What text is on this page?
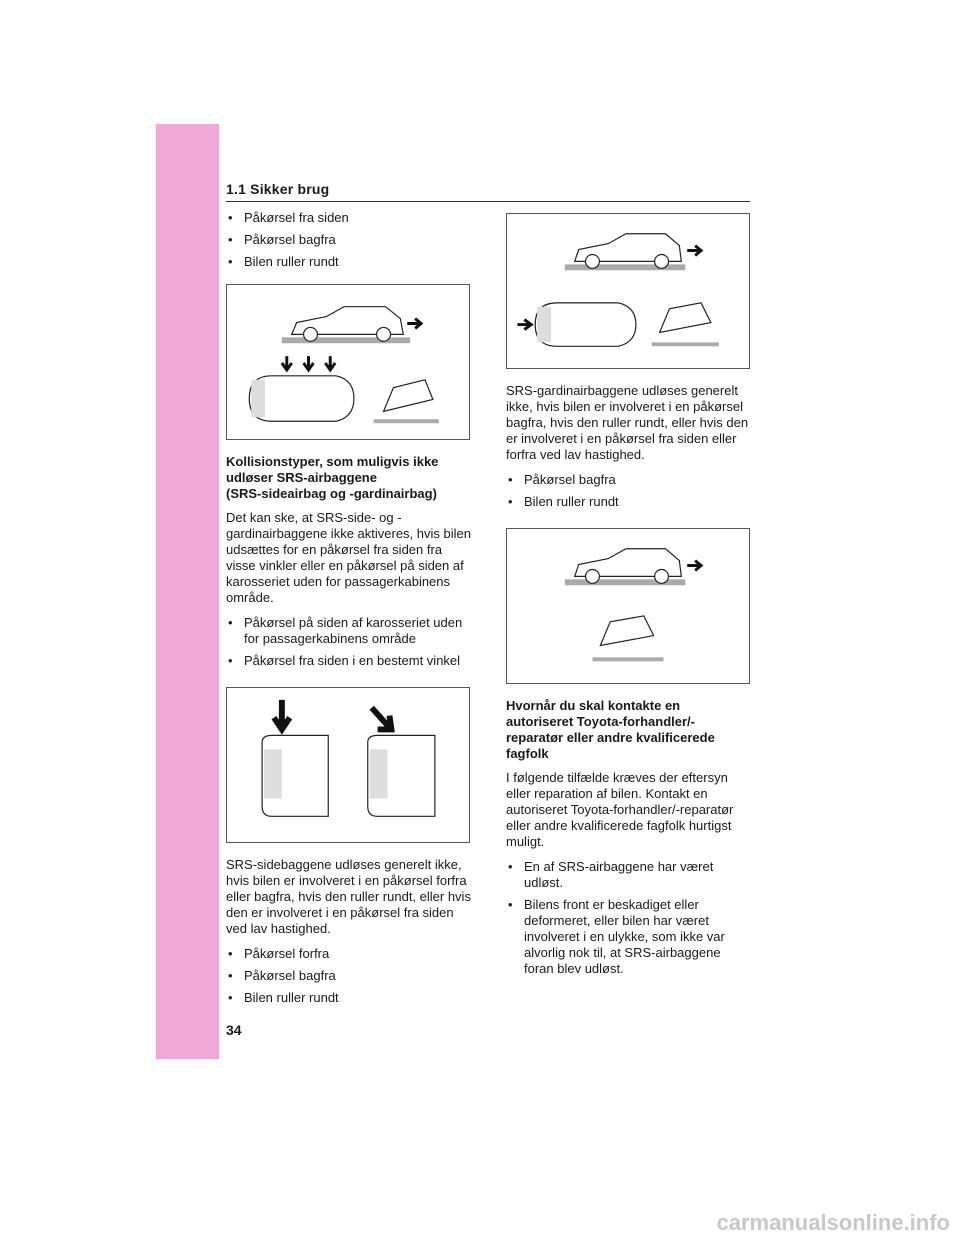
1.1 Sikker brug
• Påkørsel fra siden
• Påkørsel bagfra
• Bilen ruller rundt
Kollisionstyper, som muligvis ikke
udløser SRS-airbaggene
(SRS-sideairbag og -gardinairbag)

Det kan ske, at SRS-side- og -gardinairbaggene ikke aktiveres, hvis bilen udsættes for en påkørsel fra siden fra visse vinkler eller en påkørsel på siden af karosseriet uden for passagerkabinens område.

• Påkørsel på siden af karosseriet uden for passagerkabinens område
• Påkørsel fra siden i en bestemt vinkel

SRS-sidebaggene udløses generelt ikke, hvis bilen er involveret i en påkørsel forfra eller bagfra, hvis den ruller rundt, eller hvis den er involveret i en påkørsel fra siden ved lav hastighed.

• Påkørsel forfra
• Påkørsel bagfra
• Bilen ruller rundt

SRS-gardinairbaggene udløses generelt ikke, hvis bilen er involveret i en påkørsel bagfra, hvis den ruller rundt, eller hvis den er involveret i en påkørsel fra siden eller forfra ved lav hastighed.

• Påkørsel bagfra
• Bilen ruller rundt
Hvornår du skal kontakte en
autoriseret Toyota-forhandler/-
reparatør eller andre kvalificerede
fagfolk

I følgende tilfælde kræves der eftersyn eller reparation af bilen. Kontakt en autoriseret Toyota-forhandler/-reparatør eller andre kvalificerede fagfolk hurtigst muligt.

• En af SRS-airbaggene har været udløst.
• Bilens front er beskadiget eller deformeret, eller bilen har været involveret i en ulykke, som ikke var alvorlig nok til, at SRS-airbaggene foran blev udløst.
34
carmanualsonline.info
